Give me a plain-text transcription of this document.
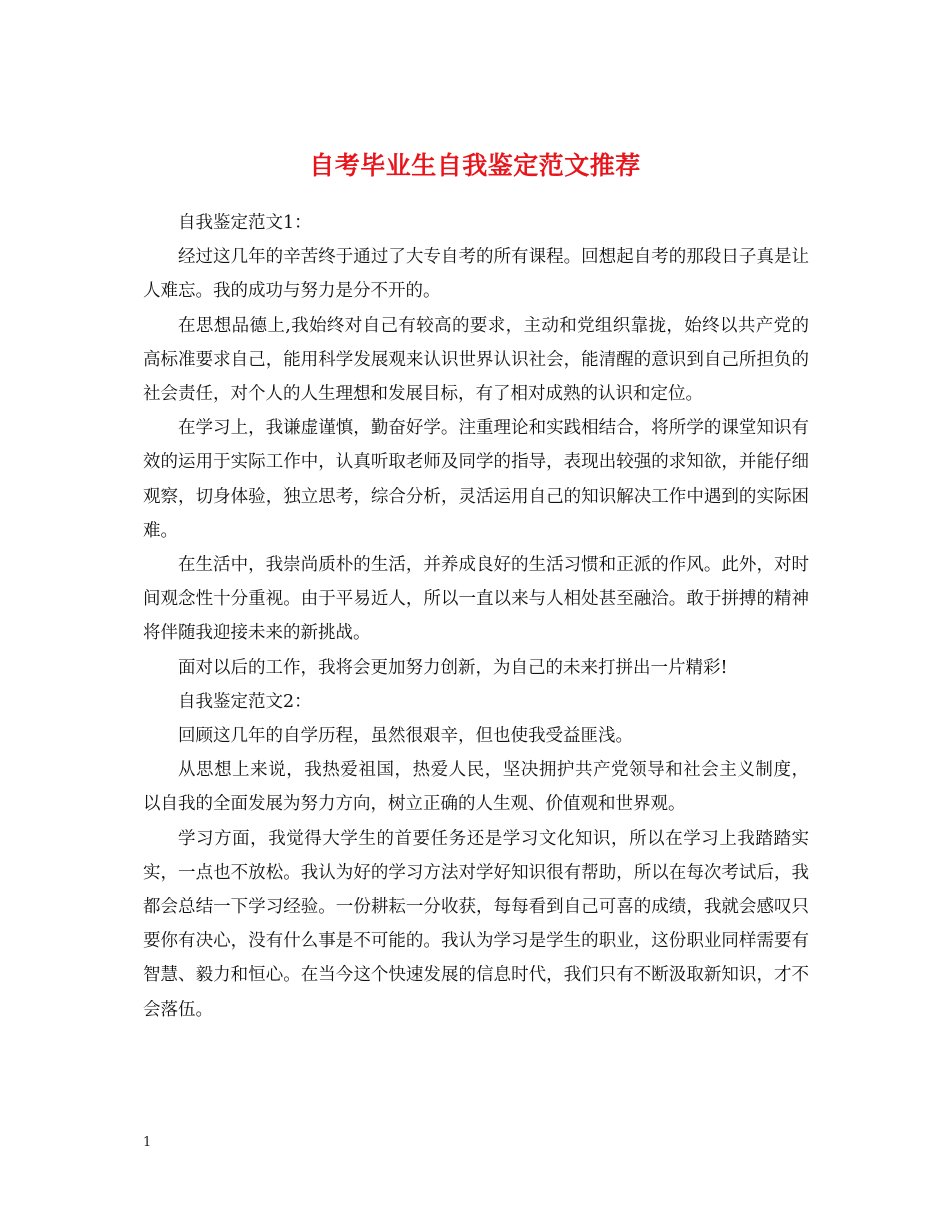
自考毕业生自我鉴定范文推荐

自我鉴定范文1：

经过这几年的辛苦终于通过了大专自考的所有课程。回想起自考的那段日子真是让人难忘。我的成功与努力是分不开的。

在思想品德上,我始终对自己有较高的要求，主动和党组织靠拢，始终以共产党的高标准要求自己，能用科学发展观来认识世界认识社会，能清醒的意识到自己所担负的社会责任，对个人的人生理想和发展目标，有了相对成熟的认识和定位。

在学习上，我谦虚谨慎，勤奋好学。注重理论和实践相结合，将所学的课堂知识有效的运用于实际工作中，认真听取老师及同学的指导，表现出较强的求知欲，并能仔细观察，切身体验，独立思考，综合分析，灵活运用自己的知识解决工作中遇到的实际困难。

在生活中，我崇尚质朴的生活，并养成良好的生活习惯和正派的作风。此外，对时间观念性十分重视。由于平易近人，所以一直以来与人相处甚至融洽。敢于拼搏的精神将伴随我迎接未来的新挑战。

面对以后的工作，我将会更加努力创新，为自己的未来打拼出一片精彩!

自我鉴定范文2：

回顾这几年的自学历程，虽然很艰辛，但也使我受益匪浅。

从思想上来说，我热爱祖国，热爱人民，坚决拥护共产党领导和社会主义制度， 以自我的全面发展为努力方向，树立正确的人生观、价值观和世界观。

学习方面，我觉得大学生的首要任务还是学习文化知识，所以在学习上我踏踏实实，一点也不放松。我认为好的学习方法对学好知识很有帮助，所以在每次考试后，我都会总结一下学习经验。一份耕耘一分收获，每每看到自己可喜的成绩，我就会感叹只要你有决心，没有什么事是不可能的。我认为学习是学生的职业，这份职业同样需要有智慧、毅力和恒心。在当今这个快速发展的信息时代，我们只有不断汲取新知识，才不会落伍。

1
